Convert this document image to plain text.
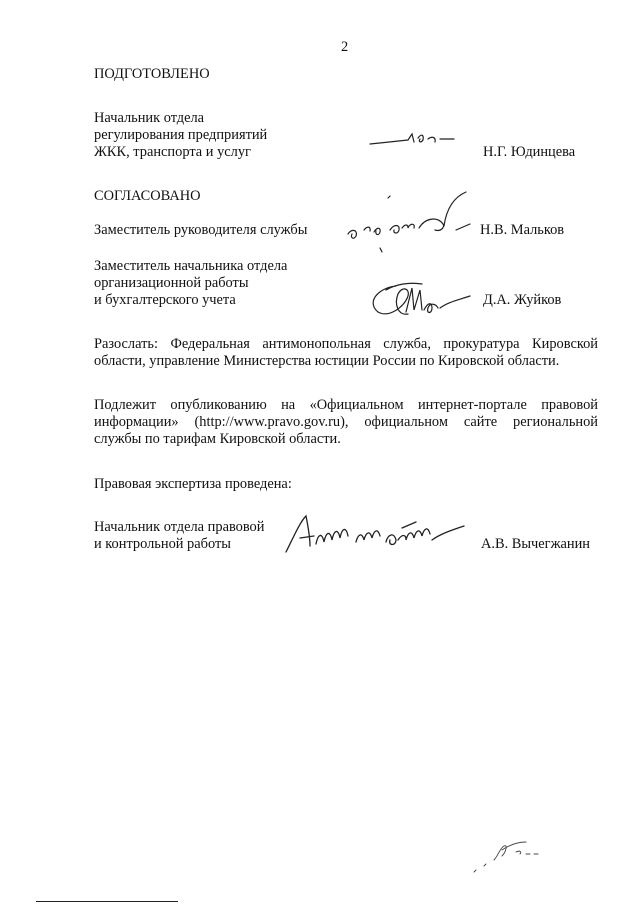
2
ПОДГОТОВЛЕНО
Начальник отдела
регулирования предприятий
ЖКК, транспорта и услуг	Н.Г. Юдинцева
СОГЛАСОВАНО
Заместитель руководителя службы	Н.В. Мальков
Заместитель начальника отдела
организационной работы
и бухгалтерского учета	Д.А. Жуйков
Разослать: Федеральная антимонопольная служба, прокуратура Кировской
области, управление Министерства юстиции России по Кировской области.
Подлежит опубликованию на «Официальном интернет-портале правовой
информации» (http://www.pravo.gov.ru), официальном сайте региональной
службы по тарифам Кировской области.
Правовая экспертиза проведена:
Начальник отдела правовой
и контрольной работы	А.В. Вычегжанин
